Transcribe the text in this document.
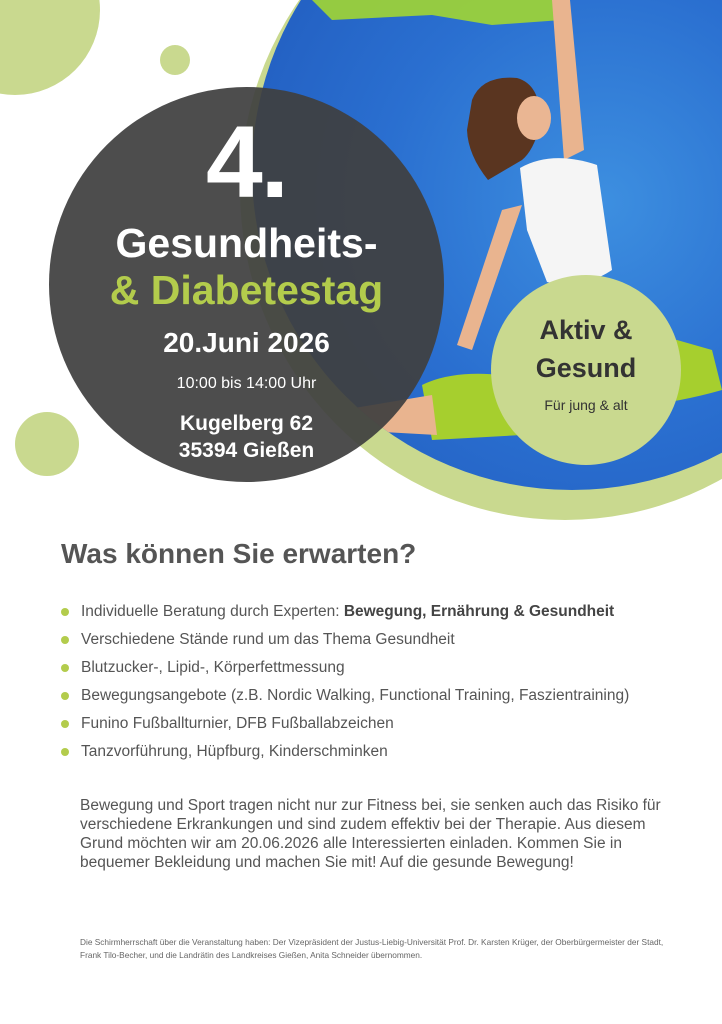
4.
Gesundheits-
& Diabetestag
20.Juni 2026
10:00 bis 14:00 Uhr
Kugelberg 62
35394 Gießen
Aktiv &
Gesund
Für jung & alt
Was können Sie erwarten?
Individuelle Beratung durch Experten: Bewegung, Ernährung & Gesundheit
Verschiedene Stände rund um das Thema Gesundheit
Blutzucker-, Lipid-, Körperfettmessung
Bewegungsangebote (z.B. Nordic Walking, Functional Training, Faszientraining)
Funino Fußballturnier, DFB Fußballabzeichen
Tanzvorführung, Hüpfburg, Kinderschminken
Bewegung und Sport tragen nicht nur zur Fitness bei, sie senken auch das Risiko für verschiedene Erkrankungen und sind zudem effektiv bei der Therapie. Aus diesem Grund möchten wir am 20.06.2026 alle Interessierten einladen. Kommen Sie in bequemer Bekleidung und machen Sie mit! Auf die gesunde Bewegung!
Die Schirmherrschaft über die Veranstaltung haben: Der Vizepräsident der Justus-Liebig-Universität Prof. Dr. Karsten Krüger, der Oberbürgermeister der Stadt, Frank Tilo-Becher, und die Landrätin des Landkreises Gießen, Anita Schneider übernommen.
